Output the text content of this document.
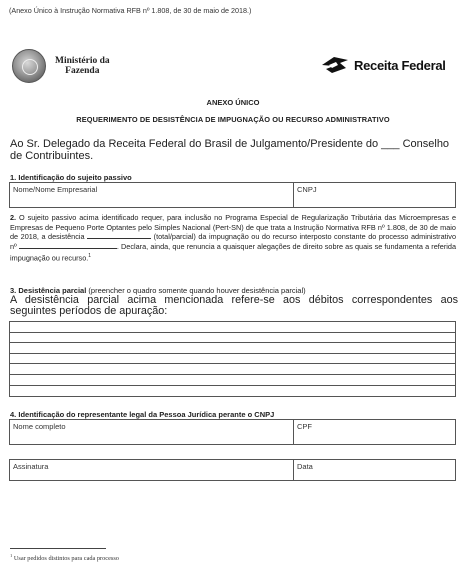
(Anexo Único à Instrução Normativa RFB nº 1.808, de 30 de maio de 2018.)
Ministério da
Fazenda	Receita Federal
ANEXO ÚNICO
REQUERIMENTO DE DESISTÊNCIA DE IMPUGNAÇÃO OU RECURSO ADMINISTRATIVO
Ao Sr. Delegado da Receita Federal do Brasil de Julgamento/Presidente do ___ Conselho de Contribuintes.
1. Identificação do sujeito passivo
Nome/Nome Empresarial	CNPJ
2. O sujeito passivo acima identificado requer, para inclusão no Programa Especial de Regularização Tributária das Microempresas e Empresas de Pequeno Porte Optantes pelo Simples Nacional (Pert-SN) de que trata a Instrução Normativa RFB nº 1.808, de 30 de maio de 2018, a desistência	(total/parcial) da impugnação ou do recurso interposto constante do processo administrativo nº	. Declara, ainda, que renuncia a quaisquer alegações de direito sobre as quais se fundamenta a referida impugnação ou recurso.$^1$
3. Desistência parcial (preencher o quadro somente quando houver desistência parcial)
A desistência parcial acima mencionada refere-se aos débitos correspondentes aos seguintes períodos de apuração:
4. Identificação do representante legal da Pessoa Jurídica perante o CNPJ
Nome completo	CPF
Assinatura	Data
$^1$ Usar pedidos distintos para cada processo
